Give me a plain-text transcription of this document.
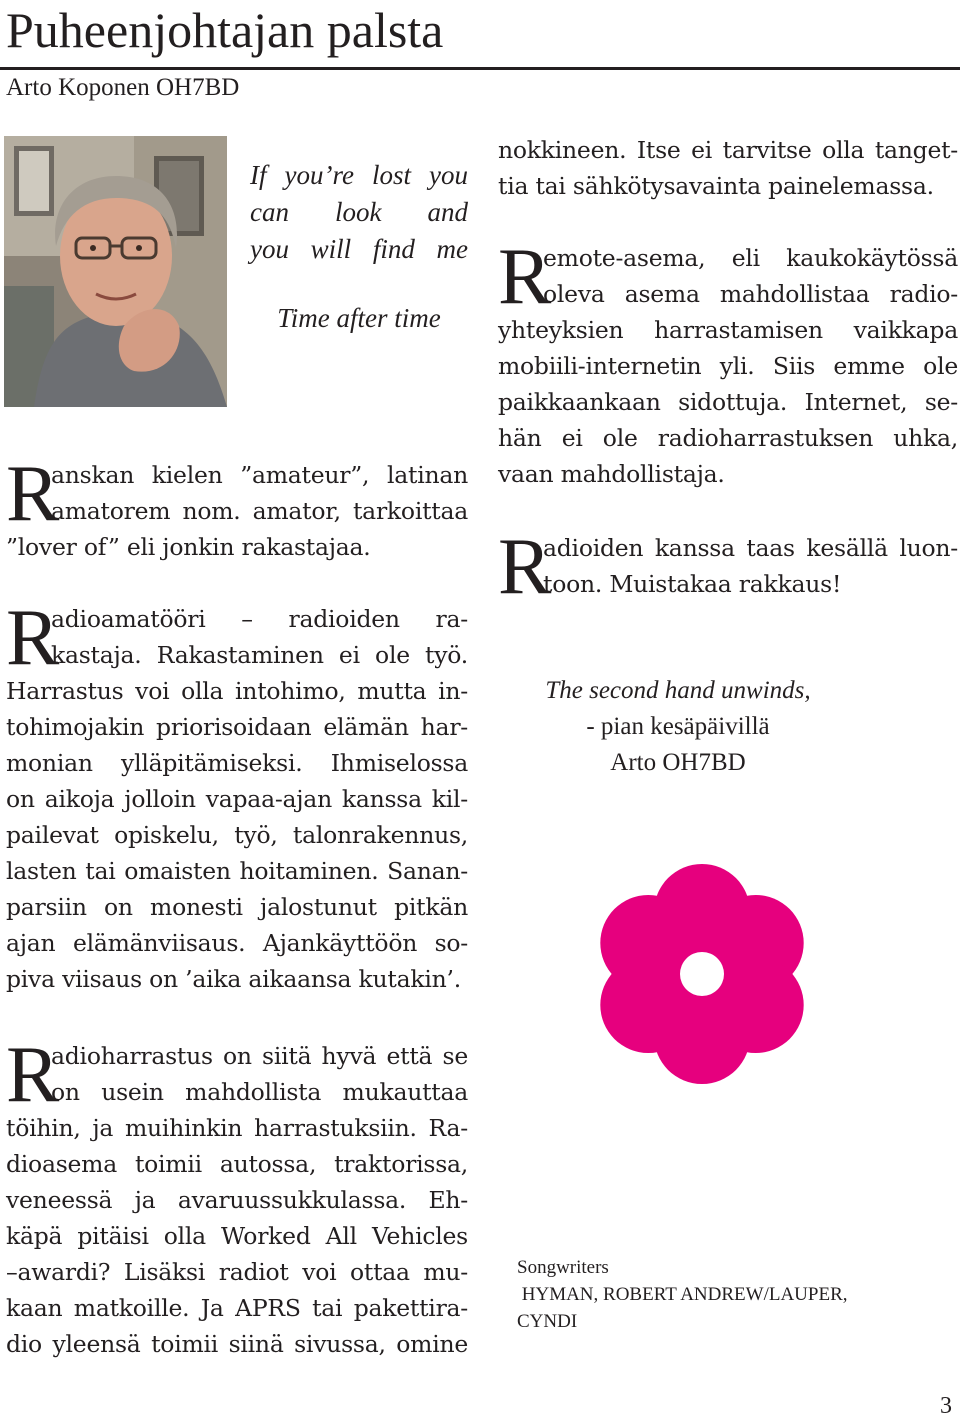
Puheenjohtajan palsta
Arto Koponen OH7BD
If you’re lost you
can look and
you will find me
Time after time
R
anskan kielen ”amateur”, latinan
amatorem nom. amator, tarkoittaa
”lover of” eli jonkin rakastajaa.
R
adioamatööri – radioiden ra-
kastaja. Rakastaminen ei ole työ.
Harrastus voi olla intohimo, mutta in-
tohimojakin priorisoidaan elämän har-
monian ylläpitämiseksi. Ihmiselossa
on aikoja jolloin vapaa-ajan kanssa kil-
pailevat opiskelu, työ, talonrakennus,
lasten tai omaisten hoitaminen. Sanan-
parsiin on monesti jalostunut pitkän
ajan elämänviisaus. Ajankäyttöön so-
piva viisaus on ’aika aikaansa kutakin’.
R
adioharrastus on siitä hyvä että se
on usein mahdollista mukauttaa
töihin, ja muihinkin harrastuksiin. Ra-
dioasema toimii autossa, traktorissa,
veneessä ja avaruussukkulassa. Eh-
käpä pitäisi olla Worked All Vehicles
–awardi? Lisäksi radiot voi ottaa mu-
kaan matkoille. Ja APRS tai pakettira-
dio yleensä toimii siinä sivussa, omine
nokkineen. Itse ei tarvitse olla tanget-
tia tai sähkötysavainta painelemassa.
R
emote-asema, eli kaukokäytössä
oleva asema mahdollistaa radio-
yhteyksien harrastamisen vaikkapa
mobiili-internetin yli. Siis emme ole
paikkaankaan sidottuja. Internet, se-
hän ei ole radioharrastuksen uhka,
vaan mahdollistaja.
R
adioiden kanssa taas kesällä luon-
toon. Muistakaa rakkaus!
The second hand unwinds,
- pian kesäpäivillä
Arto OH7BD
Songwriters
HYMAN, ROBERT ANDREW/LAUPER,
CYNDI
3
